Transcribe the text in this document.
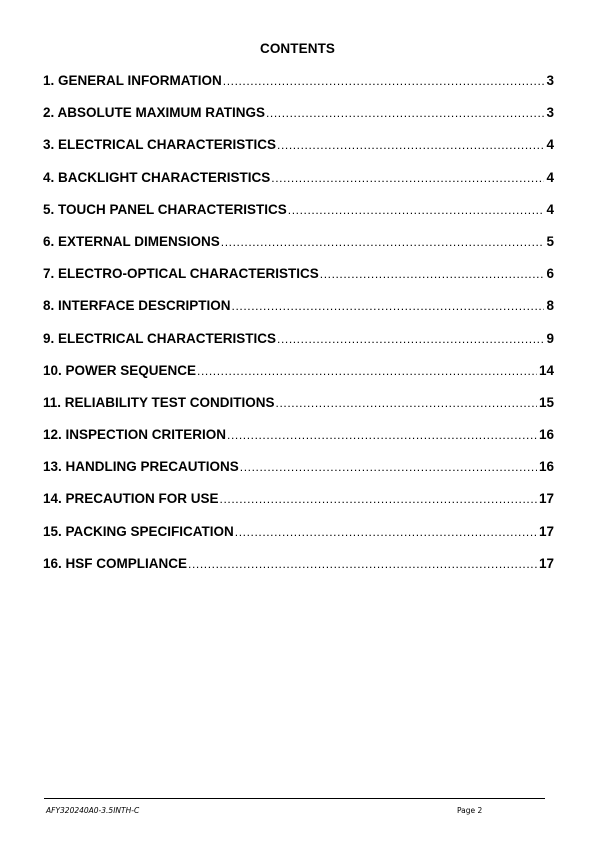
CONTENTS
1. GENERAL INFORMATION .....	3
2. ABSOLUTE MAXIMUM RATINGS .....	3
3. ELECTRICAL CHARACTERISTICS .....	4
4. BACKLIGHT CHARACTERISTICS .....	4
5. TOUCH PANEL CHARACTERISTICS .....	4
6. EXTERNAL DIMENSIONS .....	5
7. ELECTRO-OPTICAL CHARACTERISTICS .....	6
8. INTERFACE DESCRIPTION .....	8
9. ELECTRICAL CHARACTERISTICS .....	9
10. POWER SEQUENCE .....	14
11. RELIABILITY TEST CONDITIONS .....	15
12. INSPECTION CRITERION .....	16
13. HANDLING PRECAUTIONS .....	16
14. PRECAUTION FOR USE .....	17
15. PACKING SPECIFICATION .....	17
16. HSF COMPLIANCE .....	17
AFY320240A0-3.5INTH-C	Page 2
